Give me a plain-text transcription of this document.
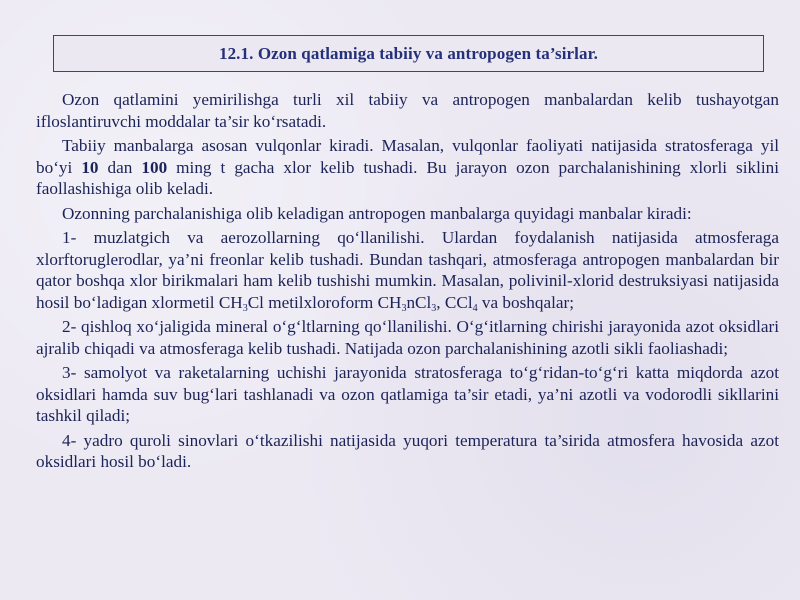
12.1. Ozon qatlamiga tabiiy va antropogen ta’sirlar.

Ozon qatlamini yemirilishga turli xil tabiiy va antropogen manbalardan kelib tushayotgan ifloslantiruvchi moddalar ta’sir ko‘rsatadi.

Tabiiy manbalarga asosan vulqonlar kiradi. Masalan, vulqonlar faoliyati natijasida stratosferaga yil bo‘yi 10 dan 100 ming t gacha xlor kelib tushadi. Bu jarayon ozon parchalanishining xlorli siklini faollashishiga olib keladi.

Ozonning parchalanishiga olib keladigan antropogen manbalarga quyidagi manbalar kiradi:

1- muzlatgich va aerozollarning qo‘llanilishi. Ulardan foydalanish natijasida atmosferaga xlorftoruglerodlar, ya’ni freonlar kelib tushadi. Bundan tashqari, atmosferaga antropogen manbalardan bir qator boshqa xlor birikmalari ham kelib tushishi mumkin. Masalan, polivinil-xlorid destruksiyasi natijasida hosil bo‘ladigan xlormetil $CH_3Cl$ metilxloroform $CH_3nCl_3$, CCl$_4$ va boshqalar;

2- qishloq xo‘jaligida mineral o‘g‘ltlarning qo‘llanilishi. O‘g‘itlarning chirishi jarayonida azot oksidlari ajralib chiqadi va atmosferaga kelib tushadi. Natijada ozon parchalanishining azotli sikli faoliashadi;

3- samolyot va raketalarning uchishi jarayonida stratosferaga to‘g‘ridan-to‘g‘ri katta miqdorda azot oksidlari hamda suv bug‘lari tashlanadi va ozon qatlamiga ta’sir etadi, ya’ni azotli va vodorodli sikllarini tashkil qiladi;

4- yadro quroli sinovlari o‘tkazilishi natijasida yuqori temperatura ta’sirida atmosfera havosida azot oksidlari hosil bo‘ladi.
